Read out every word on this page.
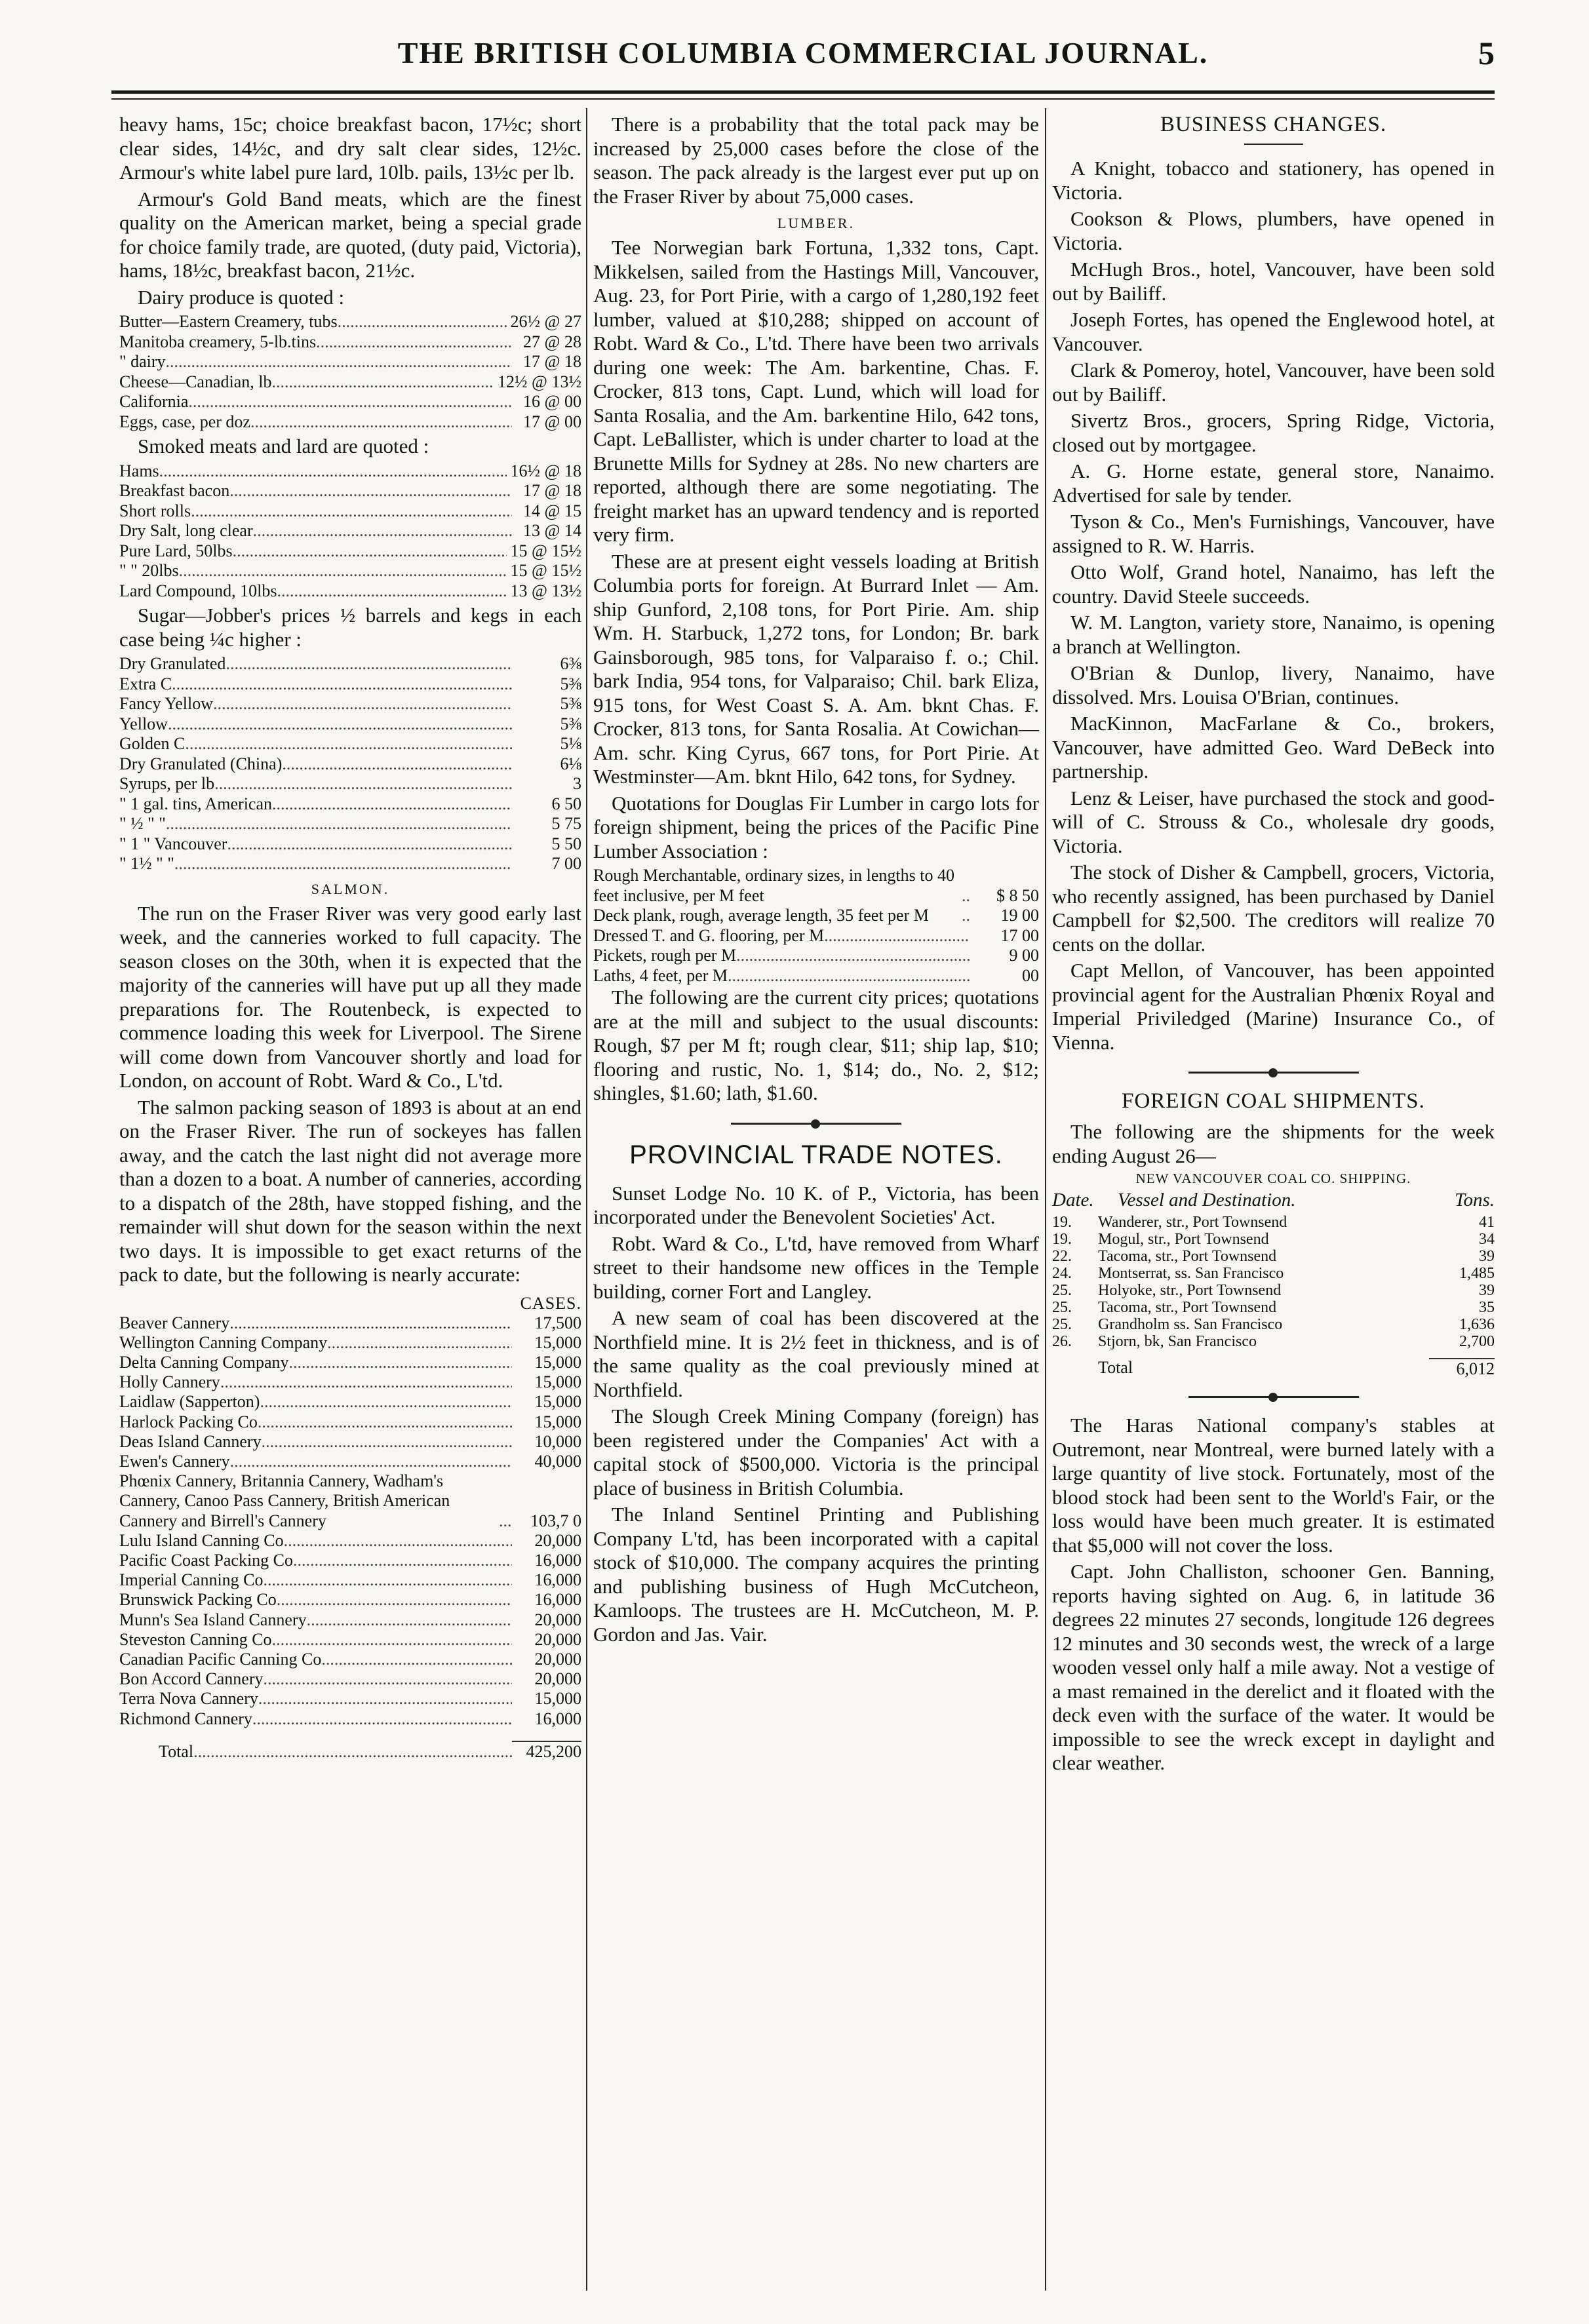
THE BRITISH COLUMBIA COMMERCIAL JOURNAL.	5

heavy hams, 15c; choice breakfast bacon, 17½c; short clear sides, 14½c, and dry salt clear sides, 12½c. Armour's white label pure lard, 10lb. pails, 13½c per lb.

Armour's Gold Band meats, which are the finest quality on the American market, being a special grade for choice family trade, are quoted, (duty paid, Victoria), hams, 18½c, breakfast bacon, 21½c.

Dairy produce is quoted :

Butter—Eastern Creamery, tubs .....	26½ @ 27
Manitoba creamery, 5-lb.tins .....	27 @ 28
" dairy .....	17 @ 18
Cheese—Canadian, lb .....	12½ @ 13½
California .....	16 @ 00
Eggs, case, per doz .....	17 @ 00

Smoked meats and lard are quoted :

Hams .....	16½ @ 18
Breakfast bacon .....	17 @ 18
Short rolls .....	14 @ 15
Dry Salt, long clear .....	13 @ 14
Pure Lard, 50lbs .....	15 @ 15½
" " 20lbs .....	15 @ 15½
Lard Compound, 10lbs .....	13 @ 13½

Sugar—Jobber's prices ½ barrels and kegs in each case being ¼c higher :

Dry Granulated .....	6⅜
Extra C .....	5⅜
Fancy Yellow .....	5⅜
Yellow .....	5⅜
Golden C .....	5⅛
Dry Granulated (China) .....	6⅛
Syrups, per lb .....	3
" 1 gal. tins, American .....	6 50
" ½ " " .....	5 75
" 1 " Vancouver .....	5 50
" 1½ " " .....	7 00
SALMON.

The run on the Fraser River was very good early last week, and the canneries worked to full capacity. The season closes on the 30th, when it is expected that the majority of the canneries will have put up all they made preparations for. The Routenbeck, is expected to commence loading this week for Liverpool. The Sirene will come down from Vancouver shortly and load for London, on account of Robt. Ward & Co., L'td.

The salmon packing season of 1893 is about at an end on the Fraser River. The run of sockeyes has fallen away, and the catch the last night did not average more than a dozen to a boat. A number of canneries, according to a dispatch of the 28th, have stopped fishing, and the remainder will shut down for the season within the next two days. It is impossible to get exact returns of the pack to date, but the following is nearly accurate:

CASES.
Beaver Cannery .....	17,500
Wellington Canning Company .....	15,000
Delta Canning Company .....	15,000
Holly Cannery .....	15,000
Laidlaw (Sapperton) .....	15,000
Harlock Packing Co .....	15,000
Deas Island Cannery .....	10,000
Ewen's Cannery .....	40,000
Phœnix Cannery, Britannia Cannery, Wadham's Cannery, Canoo Pass Cannery, British American Cannery and Birrell's Cannery .....	103,7 0
Lulu Island Canning Co .....	20,000
Pacific Coast Packing Co .....	16,000
Imperial Canning Co .....	16,000
Brunswick Packing Co .....	16,000
Munn's Sea Island Cannery .....	20,000
Steveston Canning Co .....	20,000
Canadian Pacific Canning Co .....	20,000
Bon Accord Cannery .....	20,000
Terra Nova Cannery .....	15,000
Richmond Cannery .....	16,000
Total .....	425,200

There is a probability that the total pack may be increased by 25,000 cases before the close of the season. The pack already is the largest ever put up on the Fraser River by about 75,000 cases.

LUMBER.

Tee Norwegian bark Fortuna, 1,332 tons, Capt. Mikkelsen, sailed from the Hastings Mill, Vancouver, Aug. 23, for Port Pirie, with a cargo of 1,280,192 feet lumber, valued at $10,288; shipped on account of Robt. Ward & Co., L'td. There have been two arrivals during one week: The Am. barkentine, Chas. F. Crocker, 813 tons, Capt. Lund, which will load for Santa Rosalia, and the Am. barkentine Hilo, 642 tons, Capt. LeBallister, which is under charter to load at the Brunette Mills for Sydney at 28s. No new charters are reported, although there are some negotiating. The freight market has an upward tendency and is reported very firm.

These are at present eight vessels loading at British Columbia ports for foreign. At Burrard Inlet — Am. ship Gunford, 2,108 tons, for Port Pirie. Am. ship Wm. H. Starbuck, 1,272 tons, for London; Br. bark Gainsborough, 985 tons, for Valparaiso f. o.; Chil. bark India, 954 tons, for Valparaiso; Chil. bark Eliza, 915 tons, for West Coast S. A. Am. bknt Chas. F. Crocker, 813 tons, for Santa Rosalia. At Cowichan—Am. schr. King Cyrus, 667 tons, for Port Pirie. At Westminster—Am. bknt Hilo, 642 tons, for Sydney.

Quotations for Douglas Fir Lumber in cargo lots for foreign shipment, being the prices of the Pacific Pine Lumber Association :

Rough Merchantable, ordinary sizes, in lengths to 40 feet inclusive, per M feet .....	$ 8 50
Deck plank, rough, average length, 35 feet per M .....	19 00
Dressed T. and G. flooring, per M .....	17 00
Pickets, rough per M .....	9 00
Laths, 4 feet, per M .....	00

The following are the current city prices; quotations are at the mill and subject to the usual discounts: Rough, $7 per M ft; rough clear, $11; ship lap, $10; flooring and rustic, No. 1, $14; do., No. 2, $12; shingles, $1.60; lath, $1.60.

PROVINCIAL TRADE NOTES.

Sunset Lodge No. 10 K. of P., Victoria, has been incorporated under the Benevolent Societies' Act.

Robt. Ward & Co., L'td, have removed from Wharf street to their handsome new offices in the Temple building, corner Fort and Langley.

A new seam of coal has been discovered at the Northfield mine. It is 2½ feet in thickness, and is of the same quality as the coal previously mined at Northfield.

The Slough Creek Mining Company (foreign) has been registered under the Companies' Act with a capital stock of $500,000. Victoria is the principal place of business in British Columbia.

The Inland Sentinel Printing and Publishing Company L'td, has been incorporated with a capital stock of $10,000. The company acquires the printing and publishing business of Hugh McCutcheon, Kamloops. The trustees are H. McCutcheon, M. P. Gordon and Jas. Vair.

BUSINESS CHANGES.

A Knight, tobacco and stationery, has opened in Victoria.

Cookson & Plows, plumbers, have opened in Victoria.

McHugh Bros., hotel, Vancouver, have been sold out by Bailiff.

Joseph Fortes, has opened the Englewood hotel, at Vancouver.

Clark & Pomeroy, hotel, Vancouver, have been sold out by Bailiff.

Sivertz Bros., grocers, Spring Ridge, Victoria, closed out by mortgagee.

A. G. Horne estate, general store, Nanaimo. Advertised for sale by tender.

Tyson & Co., Men's Furnishings, Vancouver, have assigned to R. W. Harris.

Otto Wolf, Grand hotel, Nanaimo, has left the country. David Steele succeeds.

W. M. Langton, variety store, Nanaimo, is opening a branch at Wellington.

O'Brian & Dunlop, livery, Nanaimo, have dissolved. Mrs. Louisa O'Brian, continues.

MacKinnon, MacFarlane & Co., brokers, Vancouver, have admitted Geo. Ward DeBeck into partnership.

Lenz & Leiser, have purchased the stock and good-will of C. Strouss & Co., wholesale dry goods, Victoria.

The stock of Disher & Campbell, grocers, Victoria, who recently assigned, has been purchased by Daniel Campbell for $2,500. The creditors will realize 70 cents on the dollar.

Capt Mellon, of Vancouver, has been appointed provincial agent for the Australian Phœnix Royal and Imperial Priviledged (Marine) Insurance Co., of Vienna.

FOREIGN COAL SHIPMENTS.

The following are the shipments for the week ending August 26—

NEW VANCOUVER COAL CO. SHIPPING.
Date.	Vessel and Destination.	Tons.
19.	Wanderer, str., Port Townsend	41
19.	Mogul, str., Port Townsend	34
22.	Tacoma, str., Port Townsend	39
24.	Montserrat, ss. San Francisco	1,485
25.	Holyoke, str., Port Townsend	39
25.	Tacoma, str., Port Townsend	35
25.	Grandholm ss. San Francisco	1,636
26.	Stjorn, bk, San Francisco	2,700
Total	6,012

The Haras National company's stables at Outremont, near Montreal, were burned lately with a large quantity of live stock. Fortunately, most of the blood stock had been sent to the World's Fair, or the loss would have been much greater. It is estimated that $5,000 will not cover the loss.

Capt. John Challiston, schooner Gen. Banning, reports having sighted on Aug. 6, in latitude 36 degrees 22 minutes 27 seconds, longitude 126 degrees 12 minutes and 30 seconds west, the wreck of a large wooden vessel only half a mile away. Not a vestige of a mast remained in the derelict and it floated with the deck even with the surface of the water. It would be impossible to see the wreck except in daylight and clear weather.
